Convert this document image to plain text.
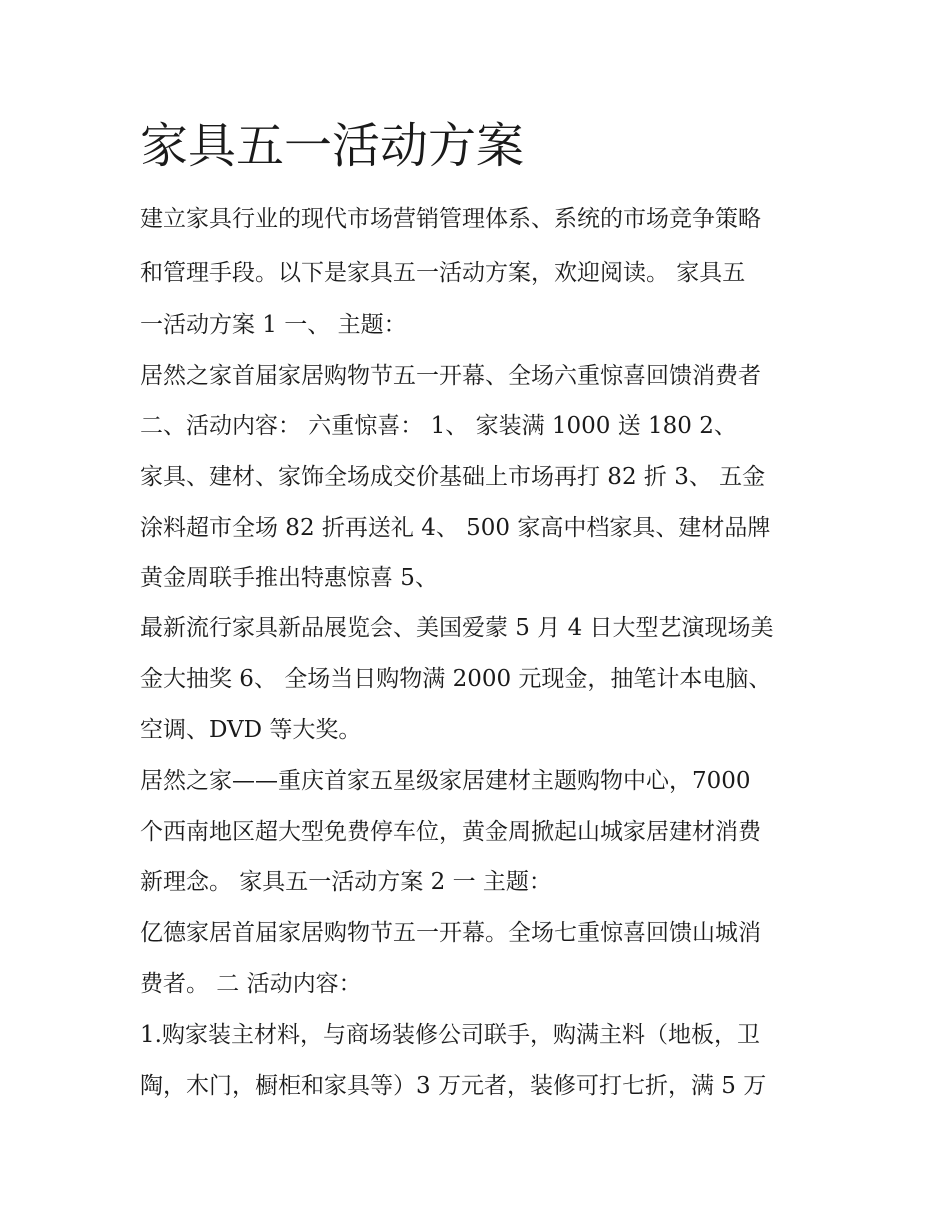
家具五一活动方案

建立家具行业的现代市场营销管理体系、系统的市场竞争策略

和管理手段。以下是家具五一活动方案，欢迎阅读。 家具五

一活动方案 1 一、 主题：

居然之家首届家居购物节五一开幕、全场六重惊喜回馈消费者

二、活动内容： 六重惊喜： 1、 家装满 1000 送 180 2、

家具、建材、家饰全场成交价基础上市场再打 82 折 3、 五金

涂料超市全场 82 折再送礼 4、 500 家高中档家具、建材品牌

黄金周联手推出特惠惊喜 5、

最新流行家具新品展览会、美国爱蒙 5 月 4 日大型艺演现场美

金大抽奖 6、 全场当日购物满 2000 元现金，抽笔计本电脑、

空调、DVD 等大奖。

居然之家——重庆首家五星级家居建材主题购物中心，7000

个西南地区超大型免费停车位，黄金周掀起山城家居建材消费

新理念。 家具五一活动方案 2 一 主题：

亿德家居首届家居购物节五一开幕。全场七重惊喜回馈山城消

费者。 二 活动内容：

1.购家装主材料，与商场装修公司联手，购满主料（地板，卫

陶，木门，橱柜和家具等）3 万元者，装修可打七折，满 5 万
